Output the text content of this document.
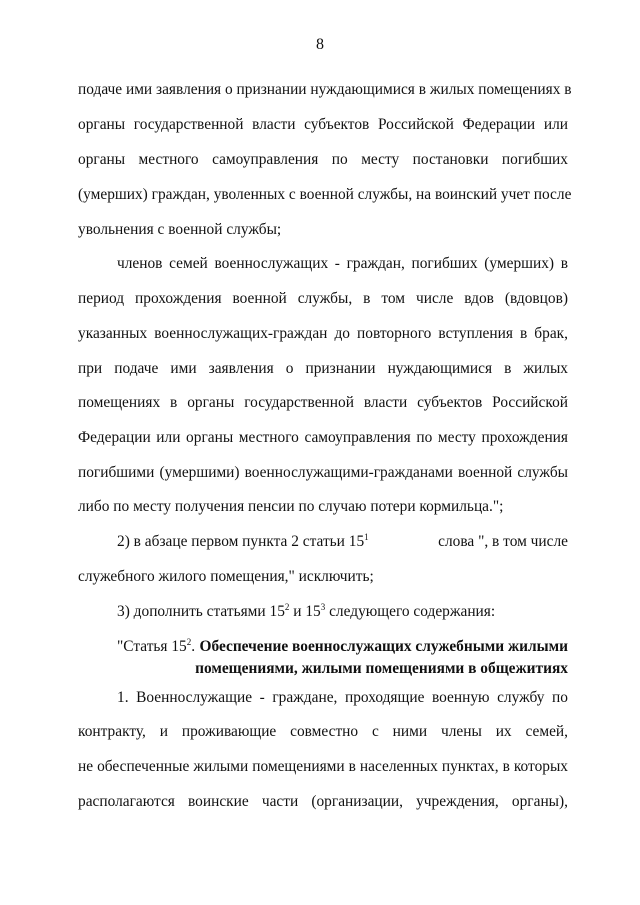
8
подаче ими заявления о признании нуждающимися в жилых помещениях в
органы государственной власти субъектов Российской Федерации или
органы местного самоуправления по месту постановки погибших
(умерших) граждан, уволенных с военной службы, на воинский учет после
увольнения с военной службы;
членов семей военнослужащих - граждан, погибших (умерших) в
период прохождения военной службы, в том числе вдов (вдовцов)
указанных военнослужащих-граждан до повторного вступления в брак,
при подаче ими заявления о признании нуждающимися в жилых
помещениях в органы государственной власти субъектов Российской
Федерации или органы местного самоуправления по месту прохождения
погибшими (умершими) военнослужащими-гражданами военной службы
либо по месту получения пенсии по случаю потери кормильца.";
2) в абзаце первом пункта 2 статьи $15^1$	слова ", в том числе
служебного жилого помещения," исключить;
3) дополнить статьями $15^2$ и $15^3$ следующего содержания:
"Статья $15^2$. Обеспечение военнослужащих служебными жилыми
помещениями, жилыми помещениями в общежитиях
1. Военнослужащие - граждане, проходящие военную службу по
контракту, и проживающие совместно с ними члены их семей,
не обеспеченные жилыми помещениями в населенных пунктах, в которых
располагаются воинские части (организации, учреждения, органы),
